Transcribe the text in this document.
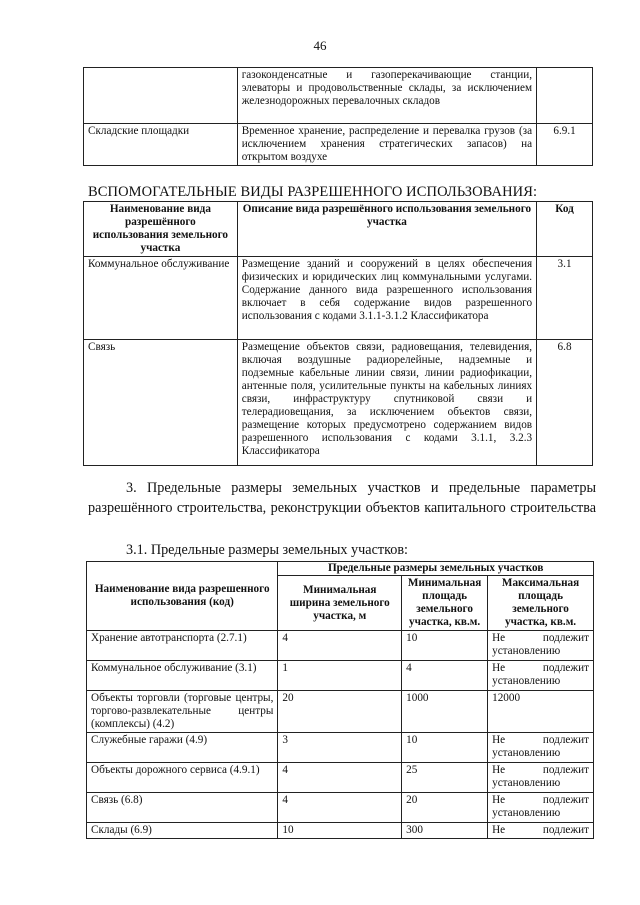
46
	газоконденсатные и газоперекачивающие станции, элеваторы и продовольственные склады, за исключением железнодорожных перевалочных складов	
Складские площадки	Временное хранение, распределение и перевалка грузов (за исключением хранения стратегических запасов) на открытом воздухе	6.9.1
ВСПОМОГАТЕЛЬНЫЕ ВИДЫ РАЗРЕШЕННОГО ИСПОЛЬЗОВАНИЯ:
Наименование вида разрешённого использования земельного участка	Описание вида разрешённого использования земельного участка	Код
Коммунальное обслуживание	Размещение зданий и сооружений в целях обеспечения физических и юридических лиц коммунальными услугами. Содержание данного вида разрешенного использования включает в себя содержание видов разрешенного использования с кодами 3.1.1-3.1.2 Классификатора	3.1
Связь	Размещение объектов связи, радиовещания, телевидения, включая воздушные радиорелейные, надземные и подземные кабельные линии связи, линии радиофикации, антенные поля, усилительные пункты на кабельных линиях связи, инфраструктуру спутниковой связи и телерадиовещания, за исключением объектов связи, размещение которых предусмотрено содержанием видов разрешенного использования с кодами 3.1.1, 3.2.3 Классификатора	6.8
3. Предельные размеры земельных участков и предельные параметры разрешённого строительства, реконструкции объектов капитального строительства
3.1. Предельные размеры земельных участков:
Наименование вида разрешенного использования (код)	Предельные размеры земельных участков		
	Минимальная ширина земельного участка, м	Минимальная площадь земельного участка, кв.м.	Максимальная площадь земельного участка, кв.м.
Хранение автотранспорта (2.7.1)	4	10	Не подлежит установлению
Коммунальное обслуживание (3.1)	1	4	Не подлежит установлению
Объекты торговли (торговые центры, торгово-развлекательные центры (комплексы) (4.2)	20	1000	12000
Служебные гаражи (4.9)	3	10	Не подлежит установлению
Объекты дорожного сервиса (4.9.1)	4	25	Не подлежит установлению
Связь (6.8)	4	20	Не подлежит установлению
Склады (6.9)	10	300	Не подлежит
